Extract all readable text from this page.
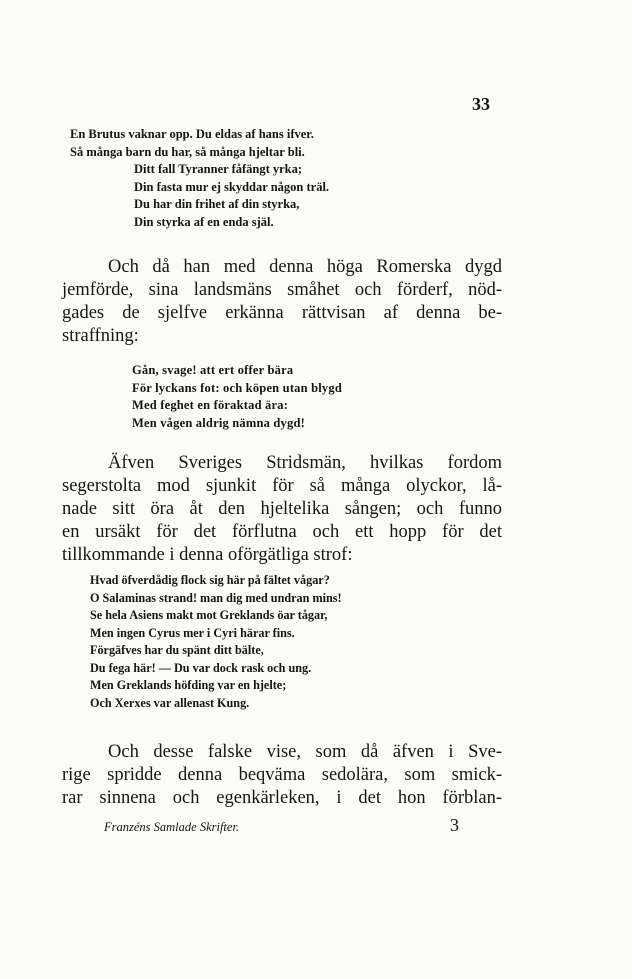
33
En Brutus vaknar opp. Du eldas af hans ifver.
Så många barn du har, så många hjeltar bli.
Ditt fall Tyranner fåfängt yrka;
Din fasta mur ej skyddar någon träl.
Du har din frihet af din styrka,
Din styrka af en enda själ.
Och då han med denna höga Romerska dygd
jemförde, sina landsmäns småhet och förderf, nöd-
gades de sjelfve erkänna rättvisan af denna be-
straffning:
Gån, svage! att ert offer bära
För lyckans fot: och köpen utan blygd
Med feghet en föraktad ära:
Men vågen aldrig nämna dygd!
Äfven Sveriges Stridsmän, hvilkas fordom
segerstolta mod sjunkit för så många olyckor, lå-
nade sitt öra åt den hjeltelika sången; och funno
en ursäkt för det förflutna och ett hopp för det
tillkommande i denna oförgätliga strof:
Hvad öfverdådig flock sig här på fältet vågar?
O Salaminas strand! man dig med undran mins!
Se hela Asiens makt mot Greklands öar tågar,
Men ingen Cyrus mer i Cyri härar fins.
Förgäfves har du spänt ditt bälte,
Du fega här! — Du var dock rask och ung.
Men Greklands höfding var en hjelte;
Och Xerxes var allenast Kung.
Och desse falske vise, som då äfven i Sve-
rige spridde denna beqväma sedolära, som smick-
rar sinnena och egenkärleken, i det hon förblan-
Franzéns Samlade Skrifter.	3
